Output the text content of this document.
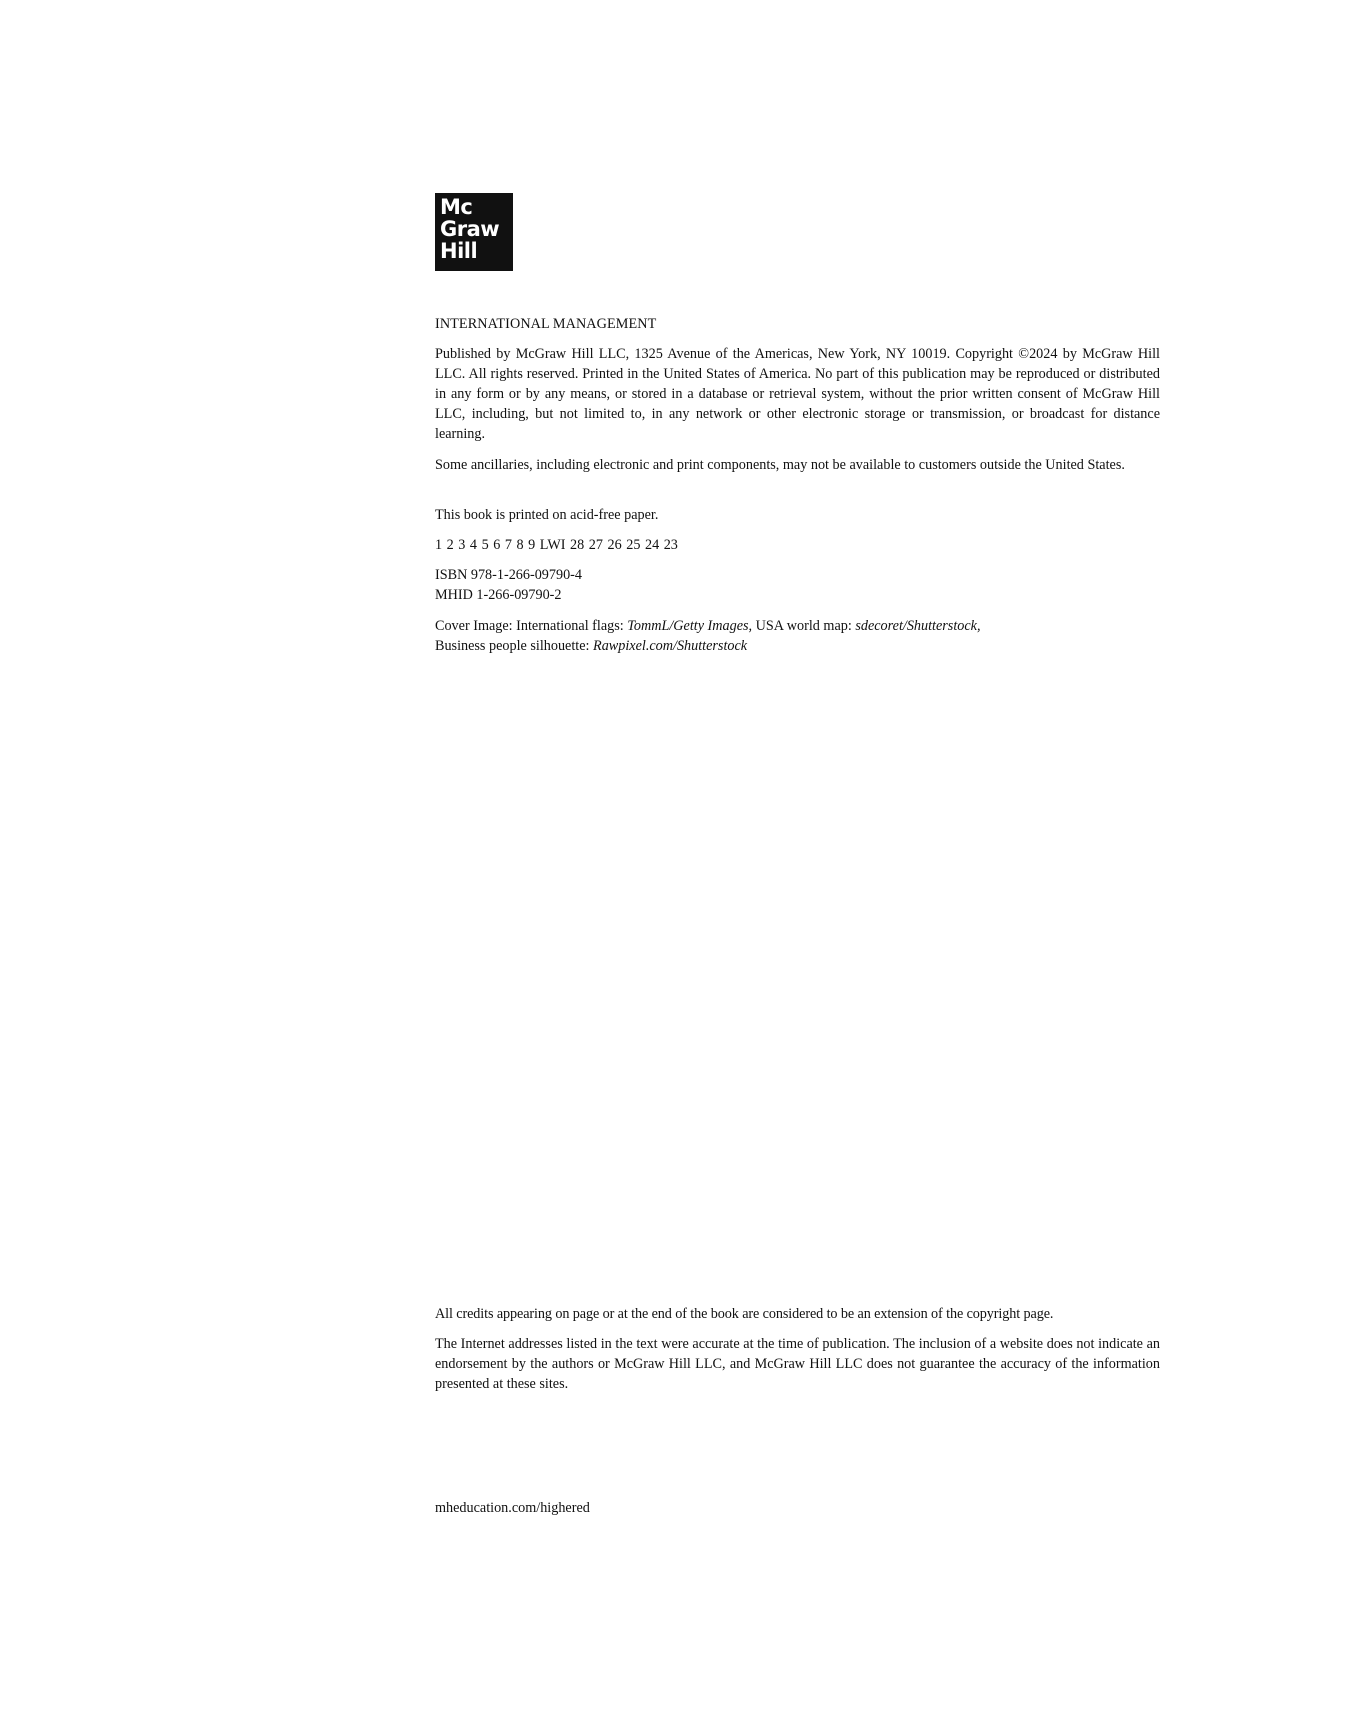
Mc
Graw
Hill
INTERNATIONAL MANAGEMENT

Published by McGraw Hill LLC, 1325 Avenue of the Americas, New York, NY 10019. Copyright ©2024 by McGraw Hill LLC. All rights reserved. Printed in the United States of America. No part of this publication may be reproduced or distributed in any form or by any means, or stored in a database or retrieval system, without the prior written consent of McGraw Hill LLC, including, but not limited to, in any network or other electronic storage or transmission, or broadcast for distance learning.

Some ancillaries, including electronic and print components, may not be available to customers outside the United States.

This book is printed on acid-free paper.
1 2 3 4 5 6 7 8 9 LWI 28 27 26 25 24 23

ISBN 978-1-266-09790-4

MHID 1-266-09790-2

Cover Image: International flags: TommL/Getty Images, USA world map: sdecoret/Shutterstock,

Business people silhouette: Rawpixel.com/Shutterstock

All credits appearing on page or at the end of the book are considered to be an extension of the copyright page.

The Internet addresses listed in the text were accurate at the time of publication. The inclusion of a website does not indicate an endorsement by the authors or McGraw Hill LLC, and McGraw Hill LLC does not guarantee the accuracy of the information presented at these sites.

mheducation.com/highered
